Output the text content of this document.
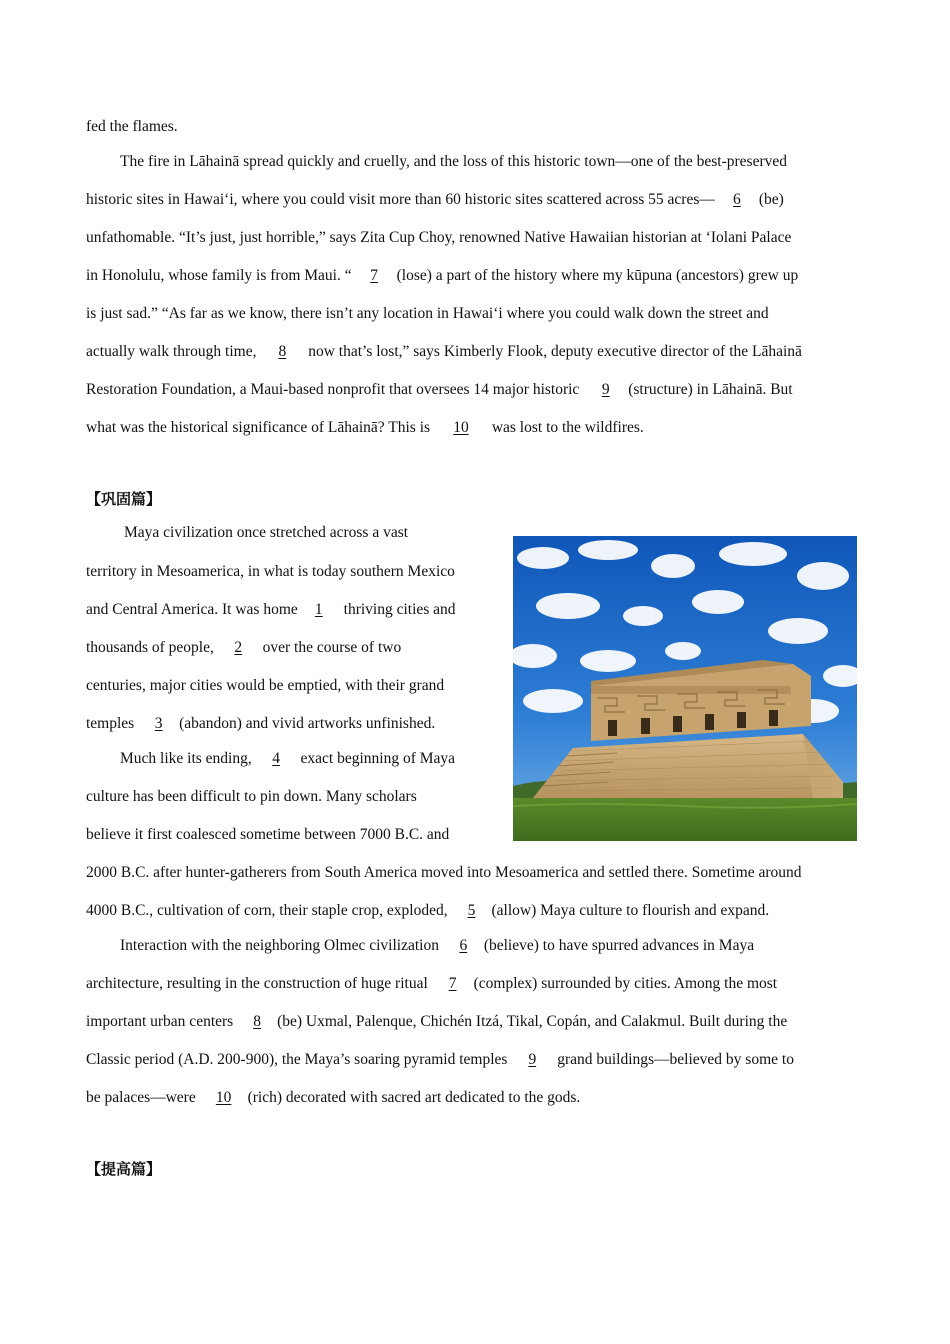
fed the flames.
The fire in Lāhainā spread quickly and cruelly, and the loss of this historic town—one of the best-preserved
historic sites in Hawai‘i, where you could visit more than 60 historic sites scattered across 55 acres— 6 (be)
unfathomable. “It’s just, just horrible,” says Zita Cup Choy, renowned Native Hawaiian historian at ‘Iolani Palace
in Honolulu, whose family is from Maui. “ 7 (lose) a part of the history where my kūpuna (ancestors) grew up
is just sad.” “As far as we know, there isn’t any location in Hawai‘i where you could walk down the street and
actually walk through time, 8 now that’s lost,” says Kimberly Flook, deputy executive director of the Lāhainā
Restoration Foundation, a Maui-based nonprofit that oversees 14 major historic 9 (structure) in Lāhainā. But
what was the historical significance of Lāhainā? This is 10 was lost to the wildfires.
【巩固篇】
Maya civilization once stretched across a vast
territory in Mesoamerica, in what is today southern Mexico
and Central America. It was home 1 thriving cities and
thousands of people, 2 over the course of two
centuries, major cities would be emptied, with their grand
temples 3 (abandon) and vivid artworks unfinished.
Much like its ending, 4 exact beginning of Maya
culture has been difficult to pin down. Many scholars
believe it first coalesced sometime between 7000 B.C. and
2000 B.C. after hunter-gatherers from South America moved into Mesoamerica and settled there. Sometime around
4000 B.C., cultivation of corn, their staple crop, exploded, 5 (allow) Maya culture to flourish and expand.
Interaction with the neighboring Olmec civilization 6 (believe) to have spurred advances in Maya
architecture, resulting in the construction of huge ritual 7 (complex) surrounded by cities. Among the most
important urban centers 8 (be) Uxmal, Palenque, Chichén Itzá, Tikal, Copán, and Calakmul. Built during the
Classic period (A.D. 200-900), the Maya’s soaring pyramid temples 9 grand buildings—believed by some to
be palaces—were 10 (rich) decorated with sacred art dedicated to the gods.
【提高篇】
